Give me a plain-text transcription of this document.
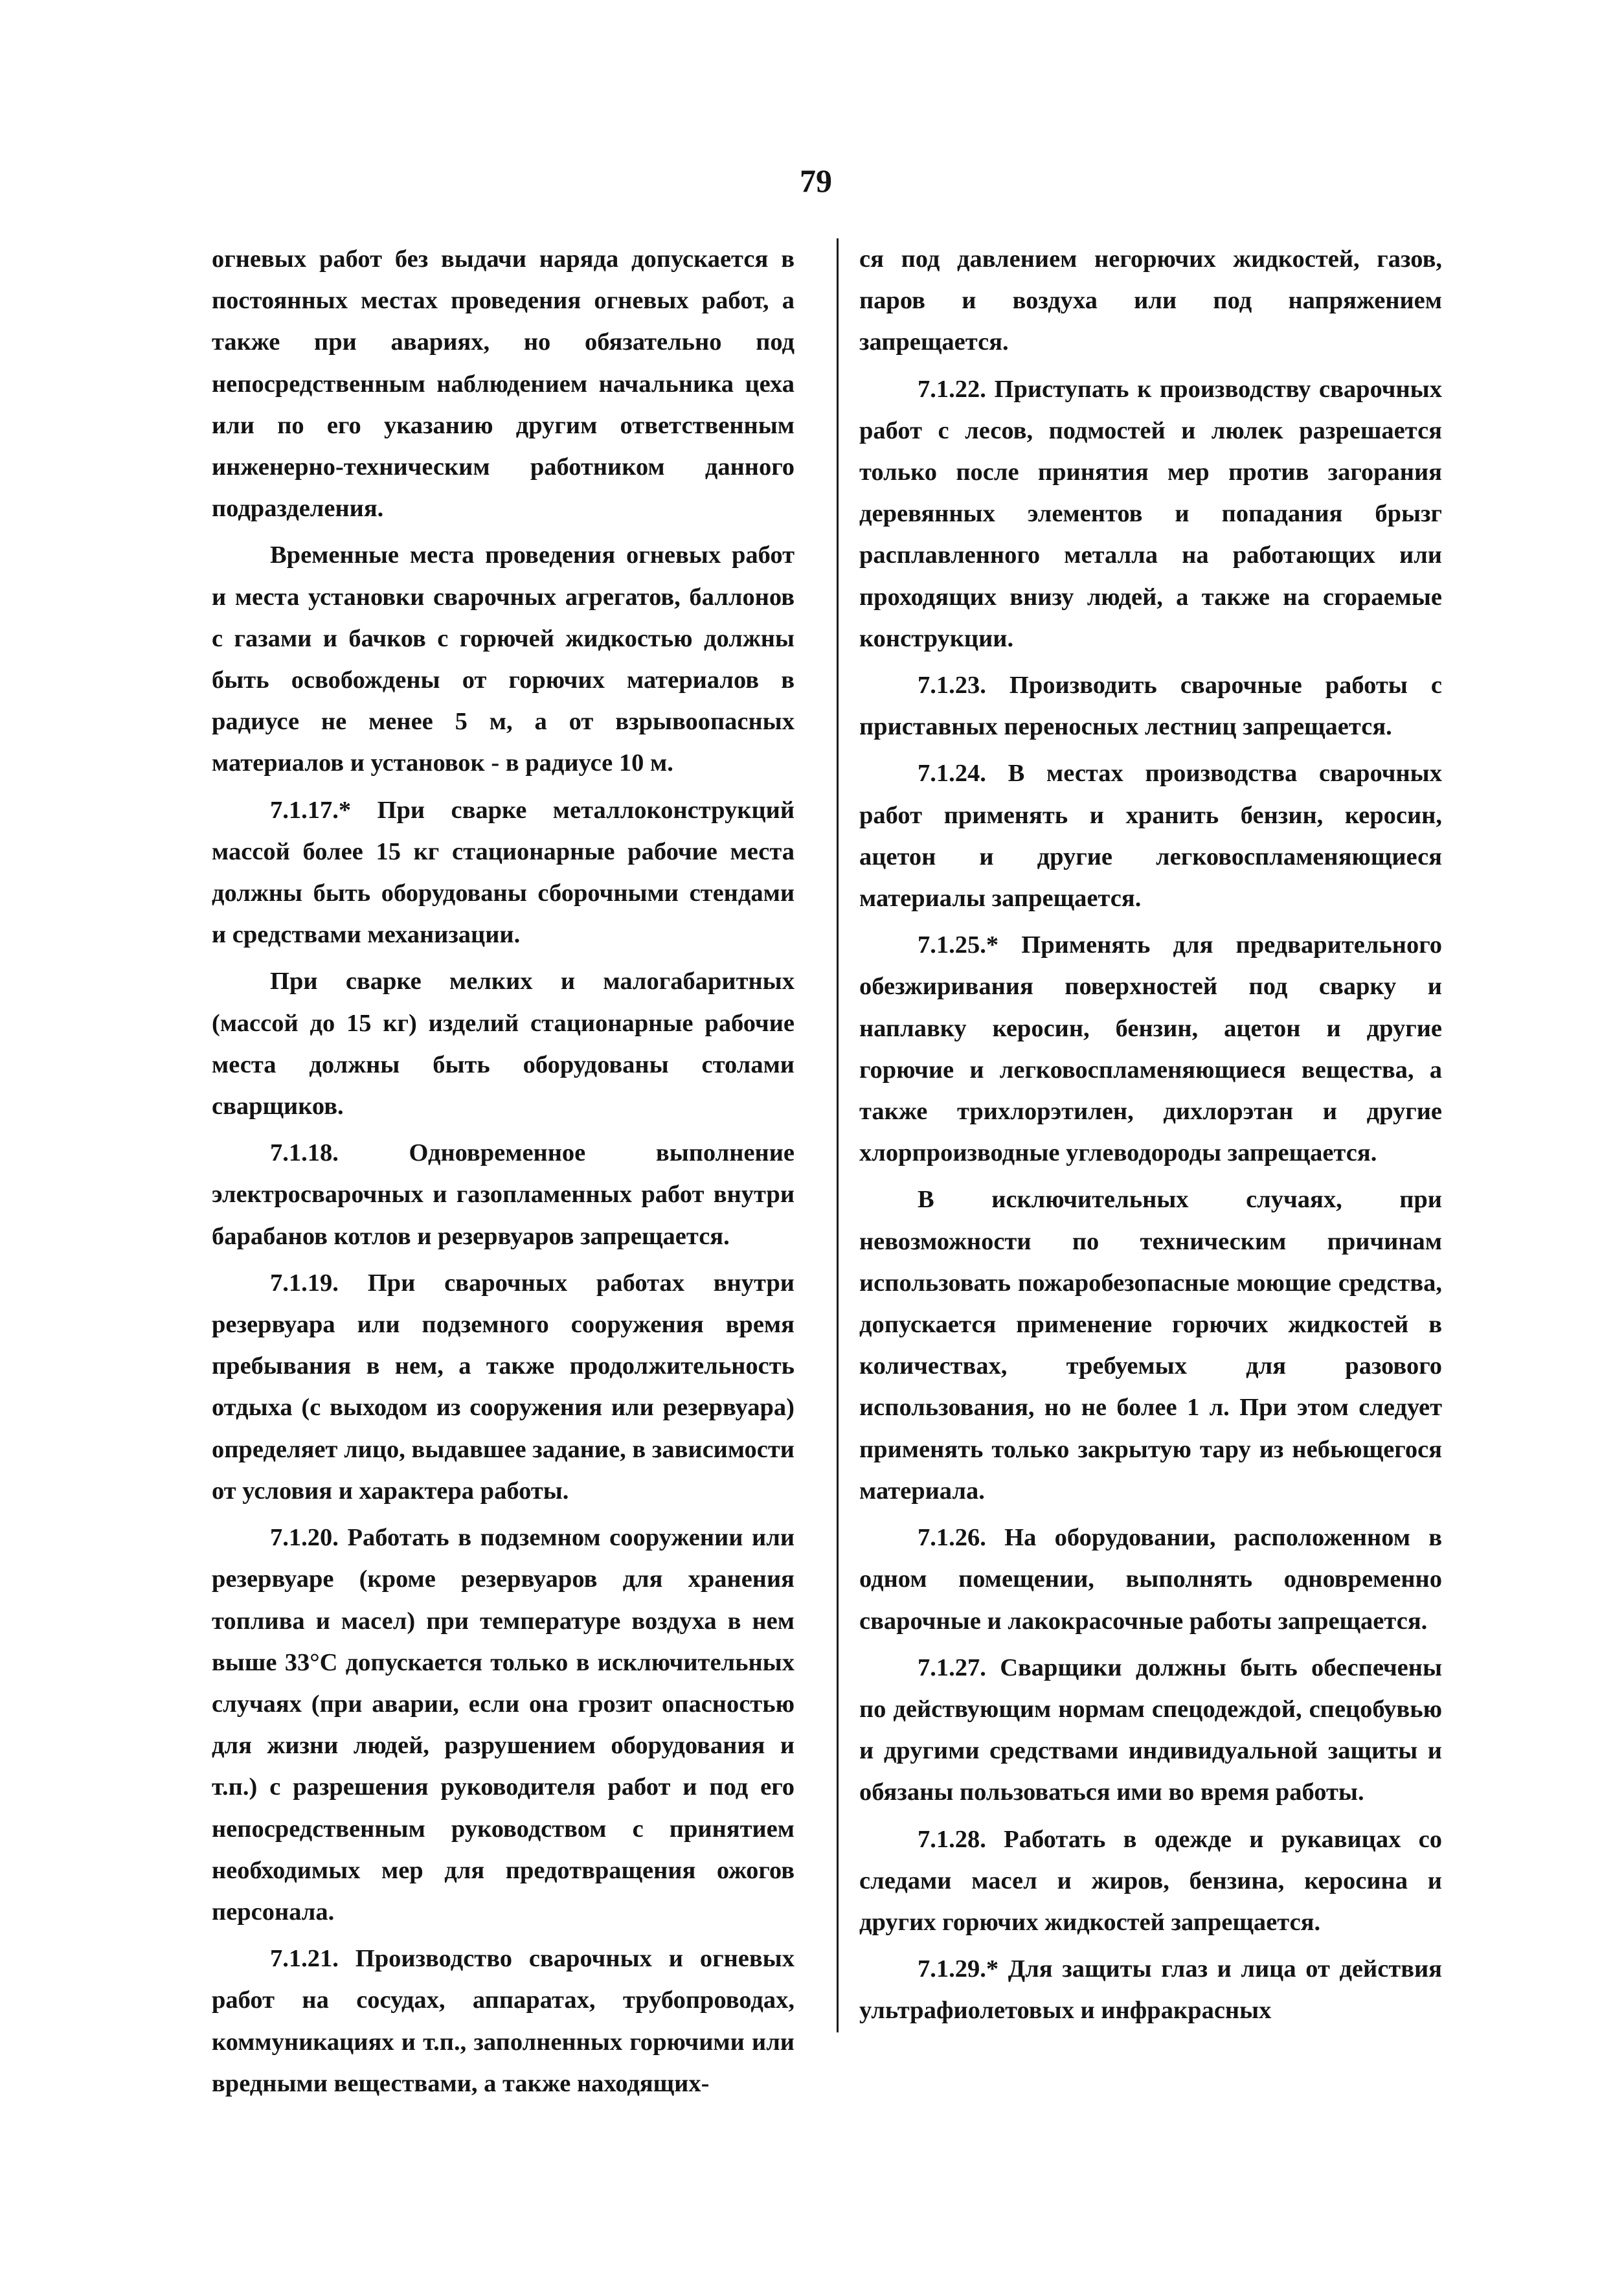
79

огневых работ без выдачи наряда допускается в постоянных местах проведения огневых работ, а также при авариях, но обязательно под непосредственным наблюдением начальника цеха или по его указанию другим ответственным инженерно-техническим работником данного подразделения.

Временные места проведения огневых работ и места установки сварочных агрегатов, баллонов с газами и бачков с горючей жидкостью должны быть освобождены от горючих материалов в радиусе не менее 5 м, а от взрывоопасных материалов и установок - в радиусе 10 м.

7.1.17.* При сварке металлоконструкций массой более 15 кг стационарные рабочие места должны быть оборудованы сборочными стендами и средствами механизации.

При сварке мелких и малогабаритных (массой до 15 кг) изделий стационарные рабочие места должны быть оборудованы столами сварщиков.

7.1.18. Одновременное выполнение электросварочных и газопламенных работ внутри барабанов котлов и резервуаров запрещается.

7.1.19. При сварочных работах внутри резервуара или подземного сооружения время пребывания в нем, а также продолжительность отдыха (с выходом из сооружения или резервуара) определяет лицо, выдавшее задание, в зависимости от условия и характера работы.

7.1.20. Работать в подземном сооружении или резервуаре (кроме резервуаров для хранения топлива и масел) при температуре воздуха в нем выше 33°С допускается только в исключительных случаях (при аварии, если она грозит опасностью для жизни людей, разрушением оборудования и т.п.) с разрешения руководителя работ и под его непосредственным руководством с принятием необходимых мер для предотвращения ожогов персонала.

7.1.21. Производство сварочных и огневых работ на сосудах, аппаратах, трубопроводах, коммуникациях и т.п., заполненных горючими или вредными веществами, а также находящих-

ся под давлением негорючих жидкостей, газов, паров и воздуха или под напряжением запрещается.

7.1.22. Приступать к производству сварочных работ с лесов, подмостей и люлек разрешается только после принятия мер против загорания деревянных элементов и попадания брызг расплавленного металла на работающих или проходящих внизу людей, а также на сгораемые конструкции.

7.1.23. Производить сварочные работы с приставных переносных лестниц запрещается.

7.1.24. В местах производства сварочных работ применять и хранить бензин, керосин, ацетон и другие легковоспламеняющиеся материалы запрещается.

7.1.25.* Применять для предварительного обезжиривания поверхностей под сварку и наплавку керосин, бензин, ацетон и другие горючие и легковоспламеняющиеся вещества, а также трихлорэтилен, дихлорэтан и другие хлорпроизводные углеводороды запрещается.

В исключительных случаях, при невозможности по техническим причинам использовать пожаробезопасные моющие средства, допускается применение горючих жидкостей в количествах, требуемых для разового использования, но не более 1 л. При этом следует применять только закрытую тару из небьющегося материала.

7.1.26. На оборудовании, расположенном в одном помещении, выполнять одновременно сварочные и лакокрасочные работы запрещается.

7.1.27. Сварщики должны быть обеспечены по действующим нормам спецодеждой, спецобувью и другими средствами индивидуальной защиты и обязаны пользоваться ими во время работы.

7.1.28. Работать в одежде и рукавицах со следами масел и жиров, бензина, керосина и других горючих жидкостей запрещается.

7.1.29.* Для защиты глаз и лица от действия ультрафиолетовых и инфракрасных
